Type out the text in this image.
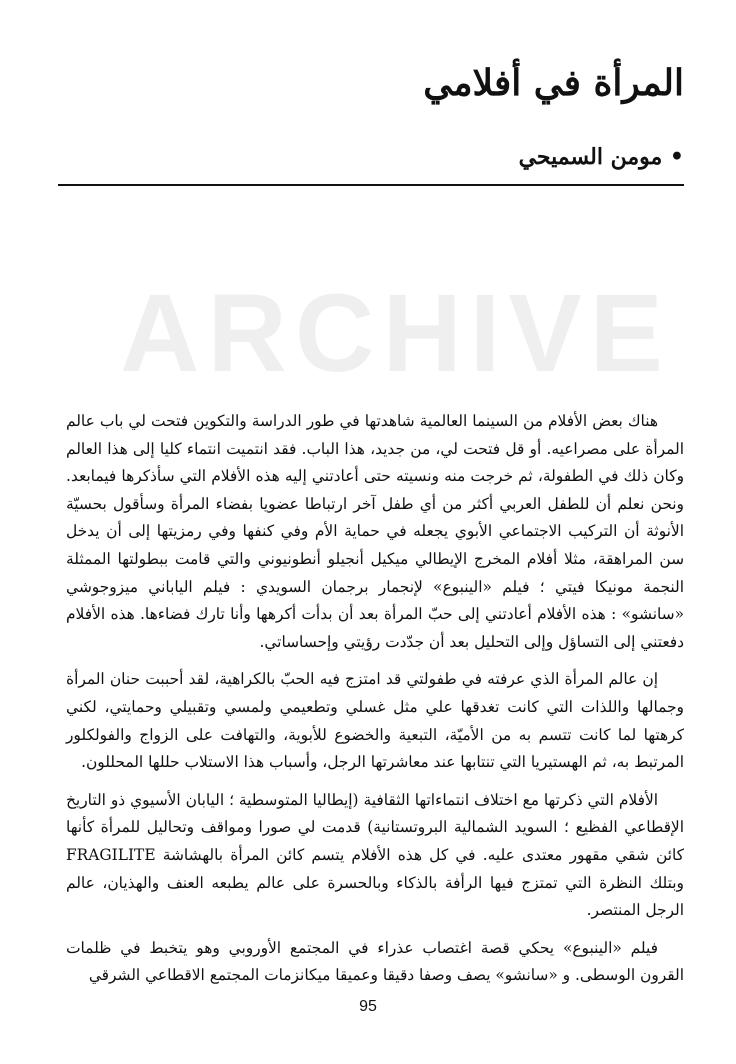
ARCHIVE
المرأة في أفلامي
• مومن السميحي

هناك بعض الأفلام من السينما العالمية شاهدتها في طور الدراسة والتكوين فتحت لي باب عالم المرأة على مصراعيه. أو قل فتحت لي، من جديد، هذا الباب. فقد انتميت انتماء كليا إلى هذا العالم وكان ذلك في الطفولة، ثم خرجت منه ونسيته حتى أعادتني إليه هذه الأفلام التي سأذكرها فيمابعد. ونحن نعلم أن للطفل العربي أكثر من أي طفل آخر ارتباطا عضويا بفضاء المرأة وسأقول بحسيّة الأنوثة أن التركيب الاجتماعي الأبوي يجعله في حماية الأم وفي كنفها وفي رمزيتها إلى أن يدخل سن المراهقة، مثلا أفلام المخرج الإيطالي ميكيل أنجيلو أنطونيوني والتي قامت ببطولتها الممثلة النجمة مونيكا فيتي ؛ فيلم «الينبوع» لإنجمار برجمان السويدي : فيلم الياباني ميزوجوشي «سانشو» : هذه الأفلام أعادتني إلى حبّ المرأة بعد أن بدأت أكرهها وأنا تارك فضاءها. هذه الأفلام دفعتني إلى التساؤل وإلى التحليل بعد أن جدّدت رؤيتي وإحساساتي.

إن عالم المرأة الذي عرفته في طفولتي قد امتزج فيه الحبّ بالكراهية، لقد أحببت حنان المرأة وجمالها واللذات التي كانت تغدقها علي مثل غسلي وتطعيمي ولمسي وتقبيلي وحمايتي، لكني كرهتها لما كانت تتسم به من الأميّة، التبعية والخضوع للأبوية، والتهافت على الزواج والفولكلور المرتبط به، ثم الهستيريا التي تنتابها عند معاشرتها الرجل، وأسباب هذا الاستلاب حللها المحللون.

الأفلام التي ذكرتها مع اختلاف انتماءاتها الثقافية (إيطاليا المتوسطية ؛ اليابان الأسيوي ذو التاريخ الإقطاعي الفظيع ؛ السويد الشمالية البروتستانية) قدمت لي صورا ومواقف وتحاليل للمرأة كأنها كائن شقي مقهور معتدى عليه. في كل هذه الأفلام يتسم كائن المرأة بالهشاشة FRAGILITE وبتلك النظرة التي تمتزج فيها الرأفة بالذكاء وبالحسرة على عالم يطبعه العنف والهذيان، عالم الرجل المنتصر.

فيلم «الينبوع» يحكي قصة اغتصاب عذراء في المجتمع الأوروبي وهو يتخبط في ظلمات القرون الوسطى. و «سانشو» يصف وصفا دقيقا وعميقا ميكانزمات المجتمع الاقطاعي الشرقي

95
